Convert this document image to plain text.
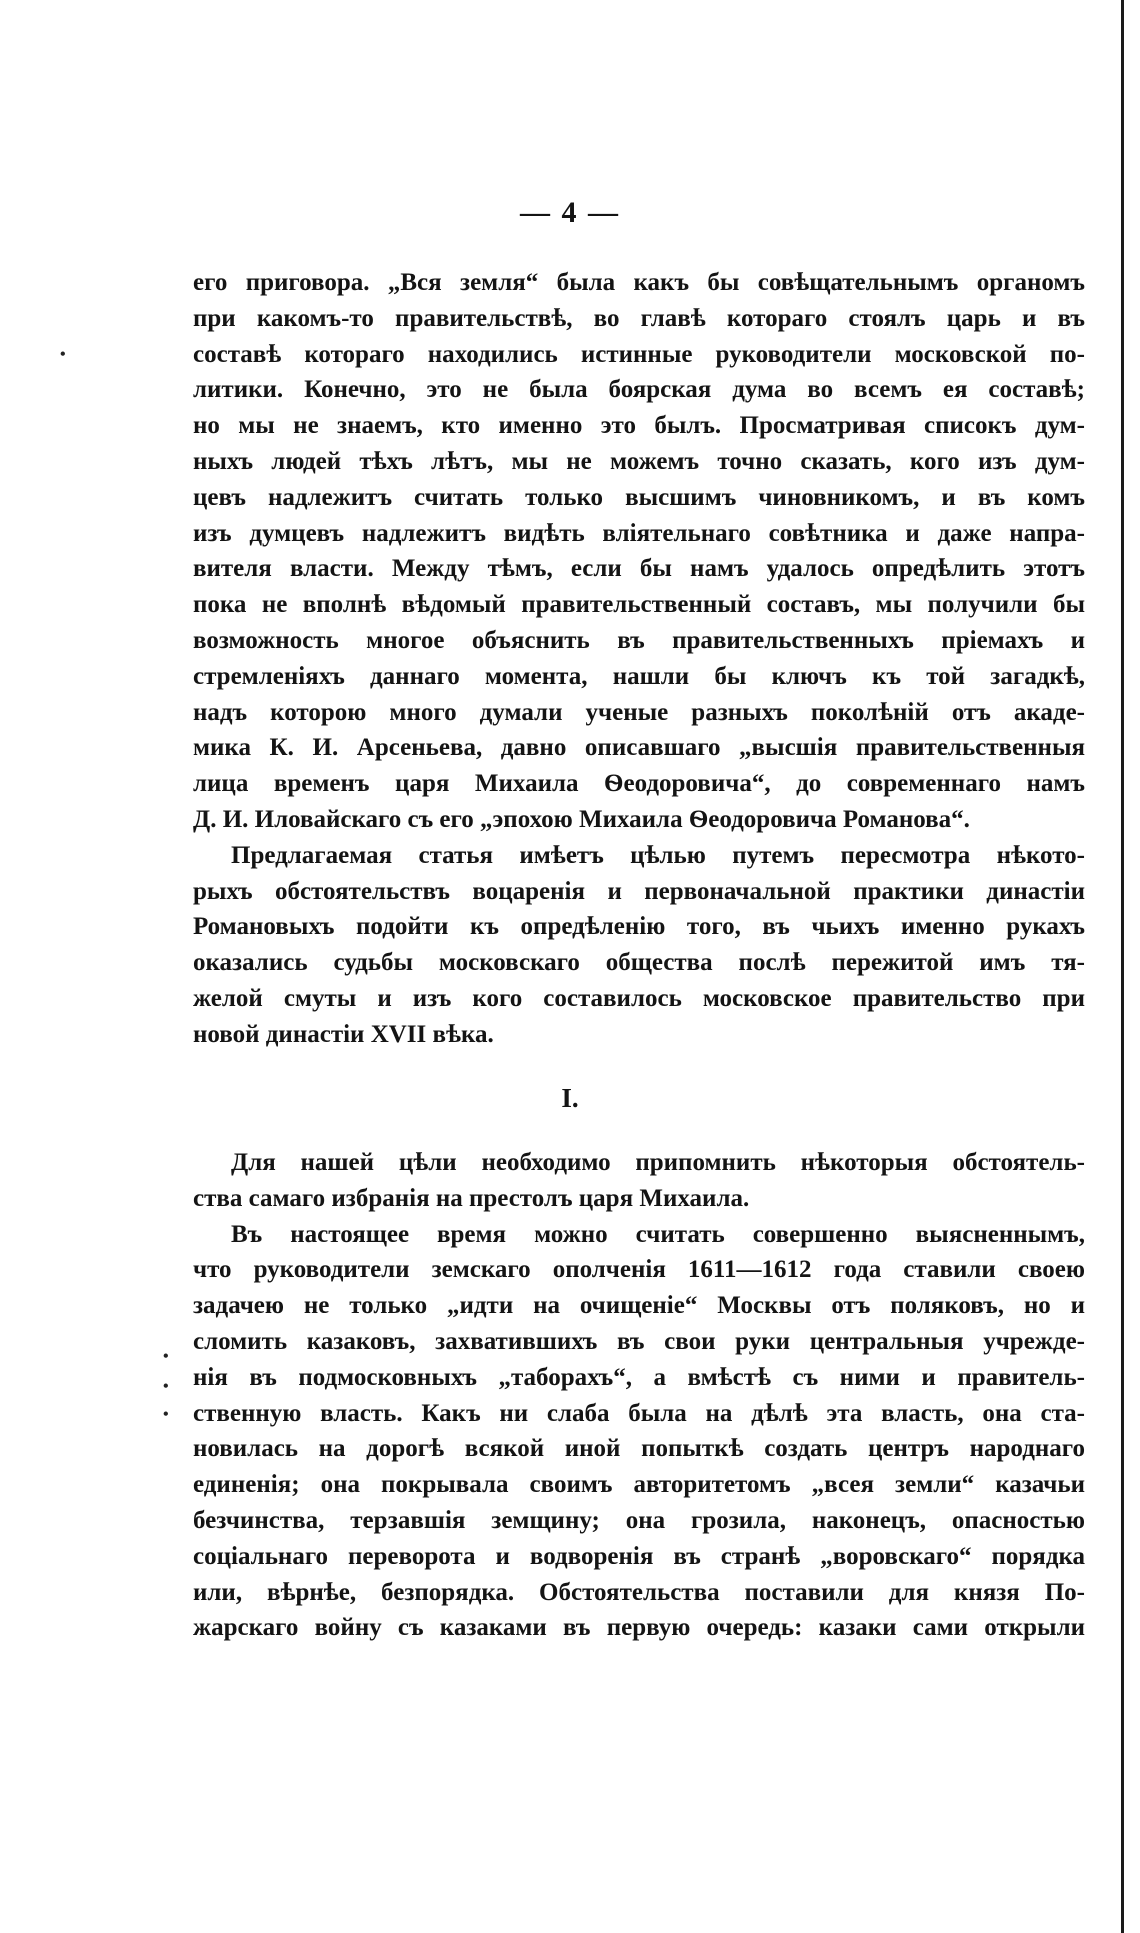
•
•
•
•
— 4 —
его приговора. „Вся земля“ была какъ бы совѣщательнымъ органомъ
при какомъ-то правительствѣ, во главѣ котораго стоялъ царь и въ
составѣ котораго находились истинные руководители московской по-
литики. Конечно, это не была боярская дума во всемъ ея составѣ;
но мы не знаемъ, кто именно это былъ. Просматривая списокъ дум-
ныхъ людей тѣхъ лѣтъ, мы не можемъ точно сказать, кого изъ дум-
цевъ надлежитъ считать только высшимъ чиновникомъ, и въ комъ
изъ думцевъ надлежитъ видѣть вліятельнаго совѣтника и даже напра-
вителя власти. Между тѣмъ, если бы намъ удалось опредѣлить этотъ
пока не вполнѣ вѣдомый правительственный составъ, мы получили бы
возможность многое объяснить въ правительственныхъ пріемахъ и
стремленіяхъ даннаго момента, нашли бы ключъ къ той загадкѣ,
надъ которою много думали ученые разныхъ поколѣній отъ акаде-
мика К. И. Арсеньева, давно описавшаго „высшія правительственныя
лица временъ царя Михаила Ѳеодоровича“, до современнаго намъ
Д. И. Иловайскаго съ его „эпохою Михаила Ѳеодоровича Романова“.
Предлагаемая статья имѣетъ цѣлью путемъ пересмотра нѣкото-
рыхъ обстоятельствъ воцаренія и первоначальной практики династіи
Романовыхъ подойти къ опредѣленію того, въ чьихъ именно рукахъ
оказались судьбы московскаго общества послѣ пережитой имъ тя-
желой смуты и изъ кого составилось московское правительство при
новой династіи XVII вѣка.
I.
Для нашей цѣли необходимо припомнить нѣкоторыя обстоятель-
ства самаго избранія на престолъ царя Михаила.
Въ настоящее время можно считать совершенно выясненнымъ,
что руководители земскаго ополченія 1611—1612 года ставили своею
задачею не только „идти на очищеніе“ Москвы отъ поляковъ, но и
сломить казаковъ, захватившихъ въ свои руки центральныя учрежде-
нія въ подмосковныхъ „таборахъ“, а вмѣстѣ съ ними и правитель-
ственную власть. Какъ ни слаба была на дѣлѣ эта власть, она ста-
новилась на дорогѣ всякой иной попыткѣ создать центръ народнаго
единенія; она покрывала своимъ авторитетомъ „всея земли“ казачьи
безчинства, терзавшія земщину; она грозила, наконецъ, опасностью
соціальнаго переворота и водворенія въ странѣ „воровскаго“ порядка
или, вѣрнѣе, безпорядка. Обстоятельства поставили для князя По-
жарскаго войну съ казаками въ первую очередь: казаки сами открыли
